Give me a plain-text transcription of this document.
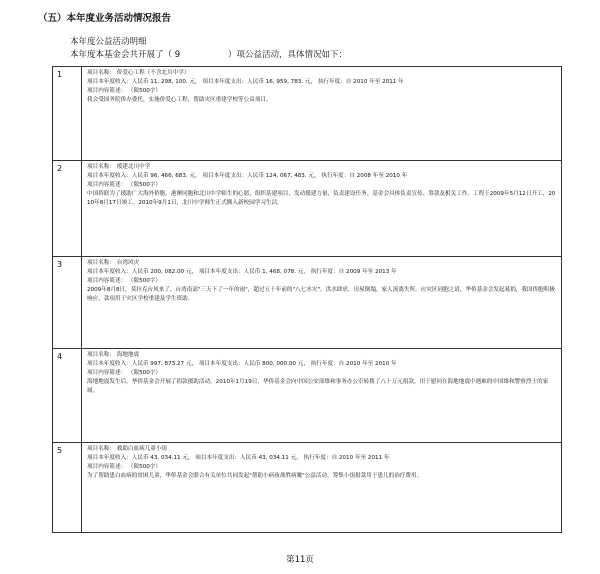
（五）本年度业务活动情况报告
本年度公益活动明细
本年度本基金会共开展了（ 9	）项公益活动，具体情况如下：
1	项目名称： 侨爱心工程（不含北川中学）
项目本年度收入：人民币 11, 298, 100. 元， 项目本年度支出：人民币 16, 959, 783. 元， 执行年度：自 2010 年至 2011 年
项目内容简述： （限500字）
我会受国务院侨办委托，实施侨爱心工程，帮助灾区重建学校等公益项目。

2	项目名称： 援建北川中学
项目本年度收入：人民币 96, 466, 683. 元， 项目本年度支出：人民币 124, 067, 483. 元， 执行年度：自 2008 年至 2010 年
项目内容简述： （限500字）
中国侨联为了援助广大海外侨胞、港澳同胞和北川中学师生的心愿，组织基建项目，发动援建力量，负责建设任务。基金会具体负责宣传、筹款及相关工作。工程于2009年5月12日开工，2010年8月17日竣工。2010年9月1日，北川中学师生正式搬入新校园学习生活。

3	项目名称： 台湾风灾
项目本年度收入：人民币 200, 082.00 元， 项目本年度支出：人民币 1, 468, 078. 元， 执行年度：自 2009 年至 2013 年
项目内容简述： （限500字）
2009年8月8日，莫拉克台风来了，台湾南部"三天下了一年的雨"，超过五十年前的"八七水灾"，洪水肆虐，房屋倒塌，家人流离失所。应灾区同胞之请，华侨基金会发起募捐，我国侨胞积极响应，款项用于灾区学校重建及学生资助。

4	项目名称： 海地地震
项目本年度收入：人民币 997, 873.27 元， 项目本年度支出：人民币 800, 000.00 元， 执行年度：自 2010 年至 2010 年
项目内容简述： （限500字）
海地地震发生后，华侨基金会开展了捐款援助活动。2010年1月19日，华侨基金会向中国公安部维和事务办公室转拨了八十万元捐款，用于慰问在海地地震中遇难的中国维和警察烈士的家属。

5	项目名称： 救助白血病儿童小组
项目本年度收入：人民币 43, 034.11 元， 项目本年度支出：人民币 43, 034.11 元， 执行年度：自 2010 年至 2011 年
项目内容简述： （限500字）
为了帮助患白血病的贫困儿童，华侨基金会联合有关单位共同发起"帮助小病孩战胜病魔"公益活动，筹集小组捐款用于患儿的治疗费用。
第11页
